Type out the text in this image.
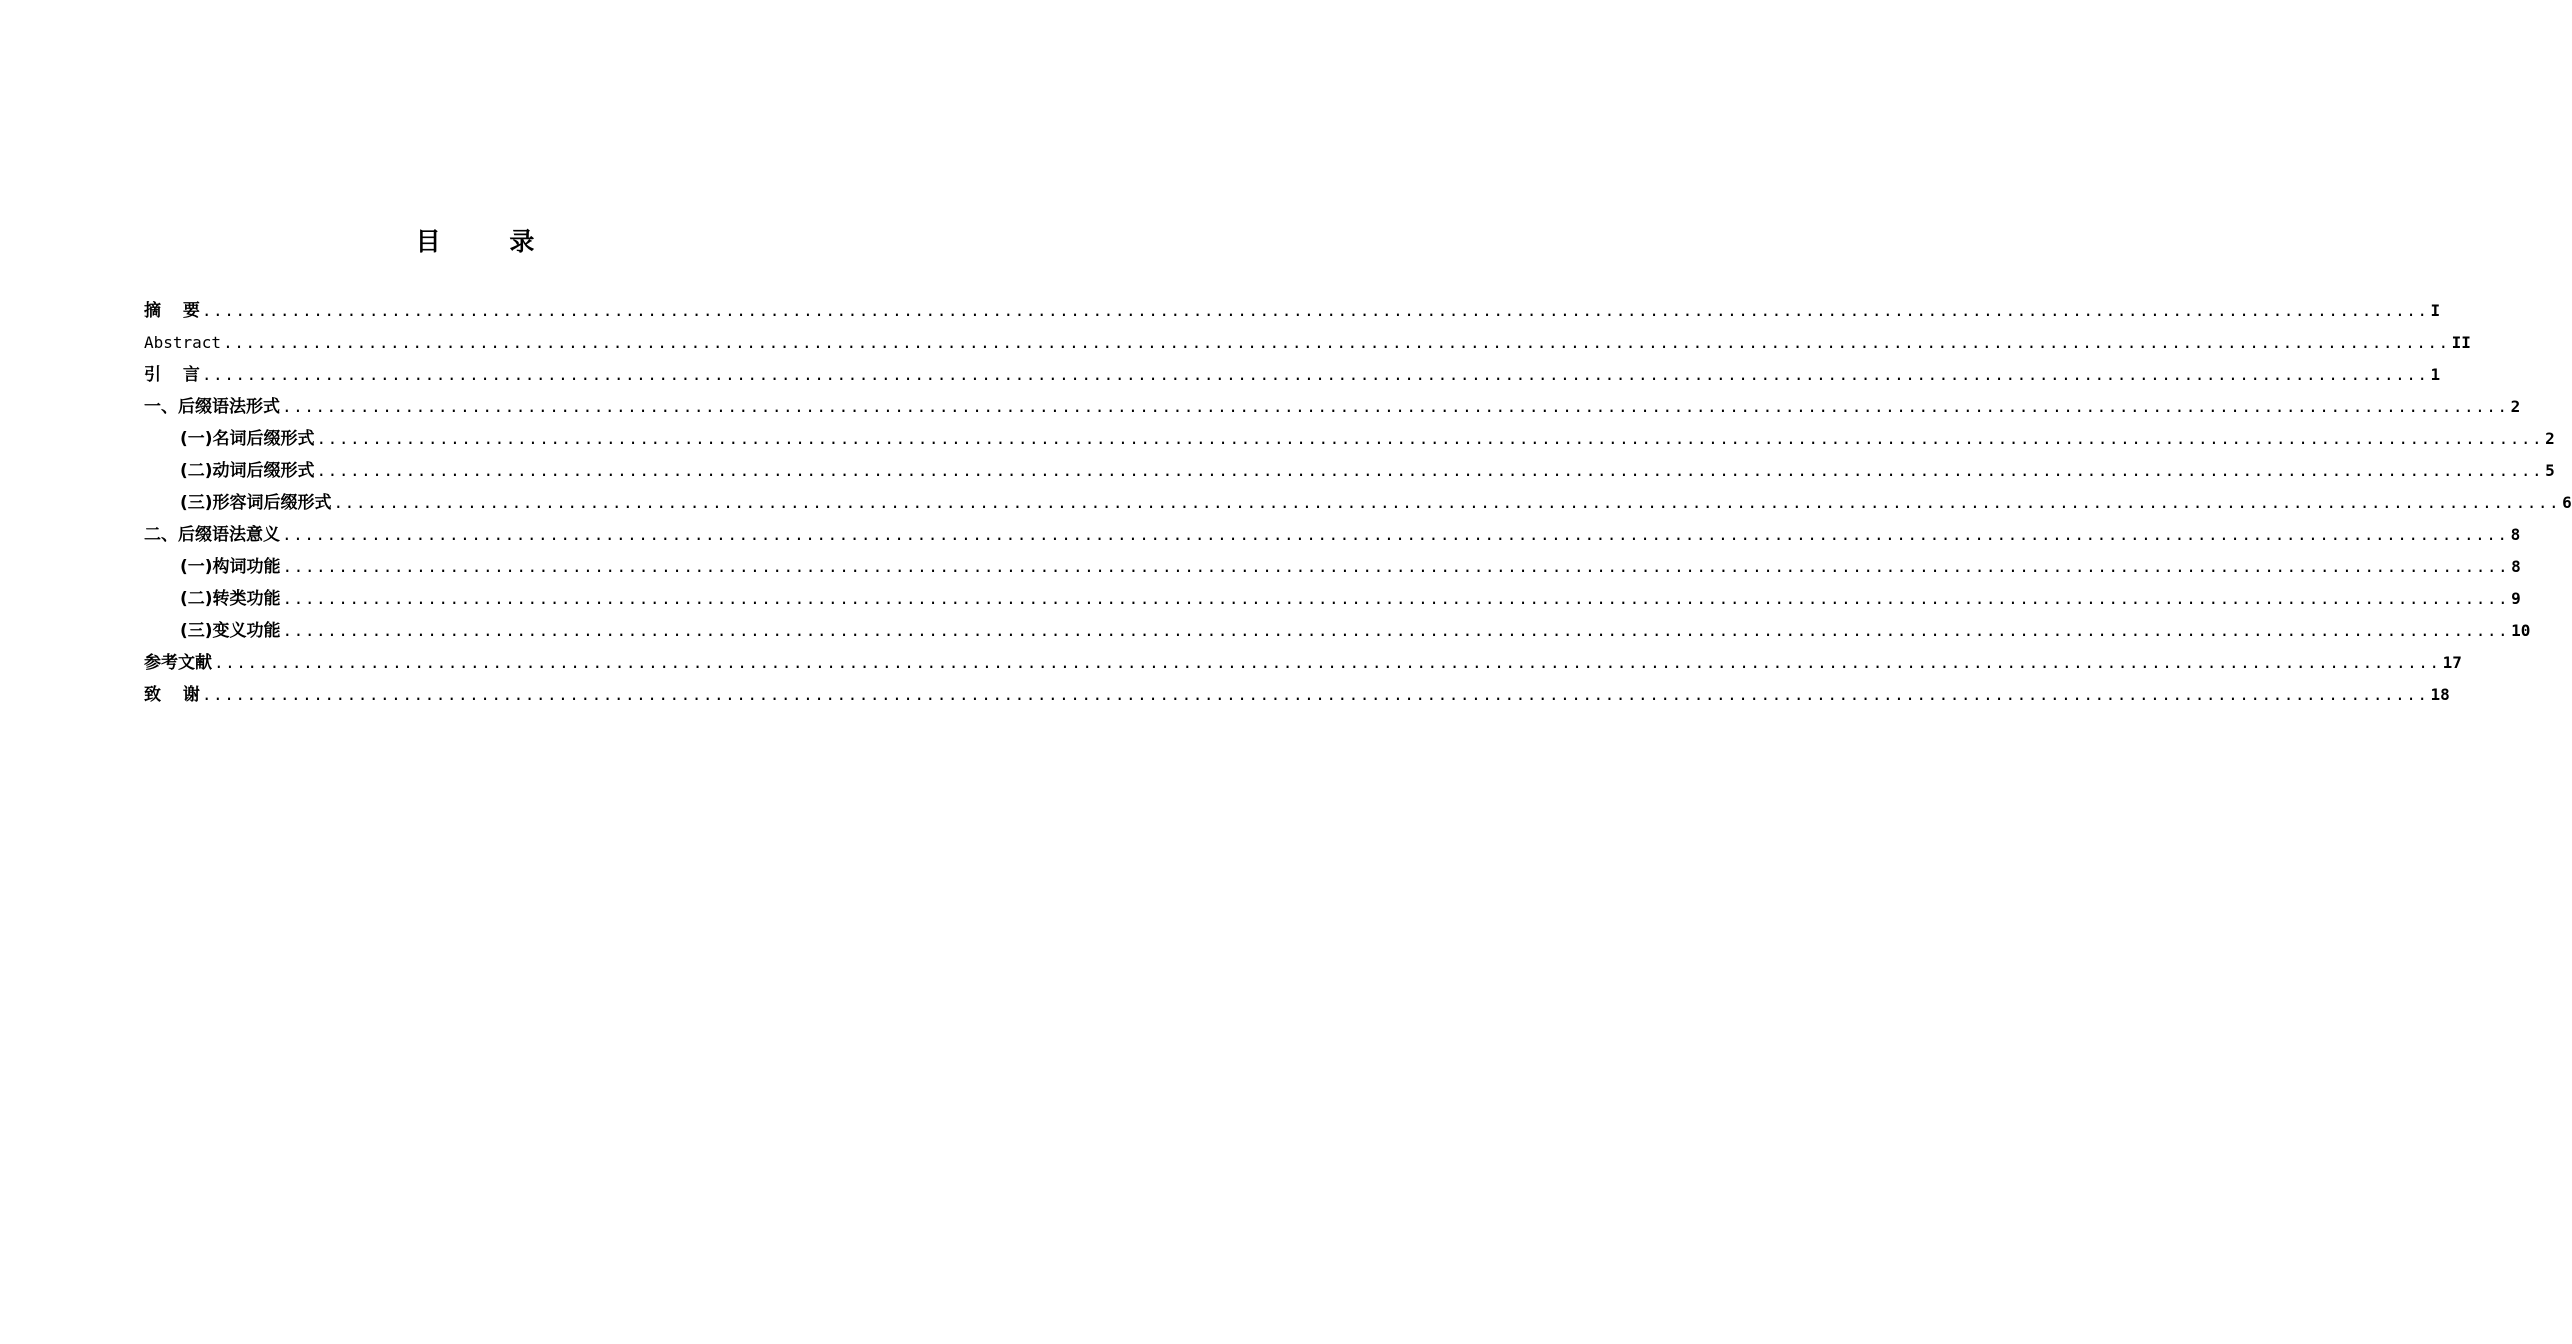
目 录
摘 要 ........................................................................................................................................................................................................ I
Abstract ........................................................................................................................................................................................................ II
引 言 ........................................................................................................................................................................................................ 1
一、后缀语法形式 ........................................................................................................................................................................................................ 2
(一)名词后缀形式 ........................................................................................................................................................................................................ 2
(二)动词后缀形式 ........................................................................................................................................................................................................ 5
(三)形容词后缀形式 ........................................................................................................................................................................................................ 6
二、后缀语法意义 ........................................................................................................................................................................................................ 8
(一)构词功能 ........................................................................................................................................................................................................ 8
(二)转类功能 ........................................................................................................................................................................................................ 9
(三)变义功能 ........................................................................................................................................................................................................ 10
参考文献 ........................................................................................................................................................................................................ 17
致 谢 ........................................................................................................................................................................................................ 18
